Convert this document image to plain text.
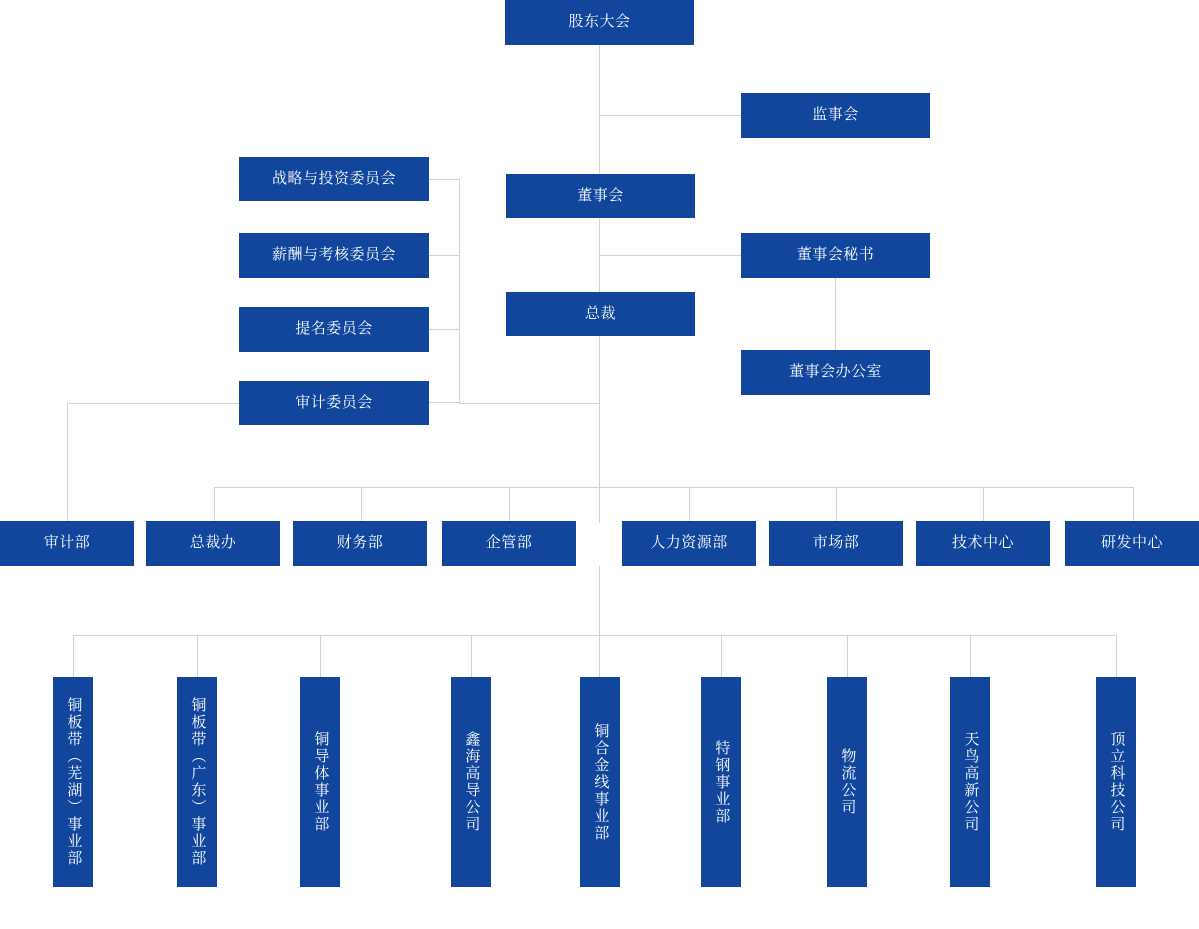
股东大会
监事会
董事会
董事会秘书
总裁
董事会办公室
战略与投资委员会
薪酬与考核委员会
提名委员会
审计委员会
审计部	总裁办	财务部	企管部	人力资源部	市场部	技术中心	研发中心
铜板带（芜湖）事业部	铜板带（广东）事业部	铜导体事业部	鑫海高导公司	铜合金线事业部	特钢事业部	物流公司	天鸟高新公司	顶立科技公司
